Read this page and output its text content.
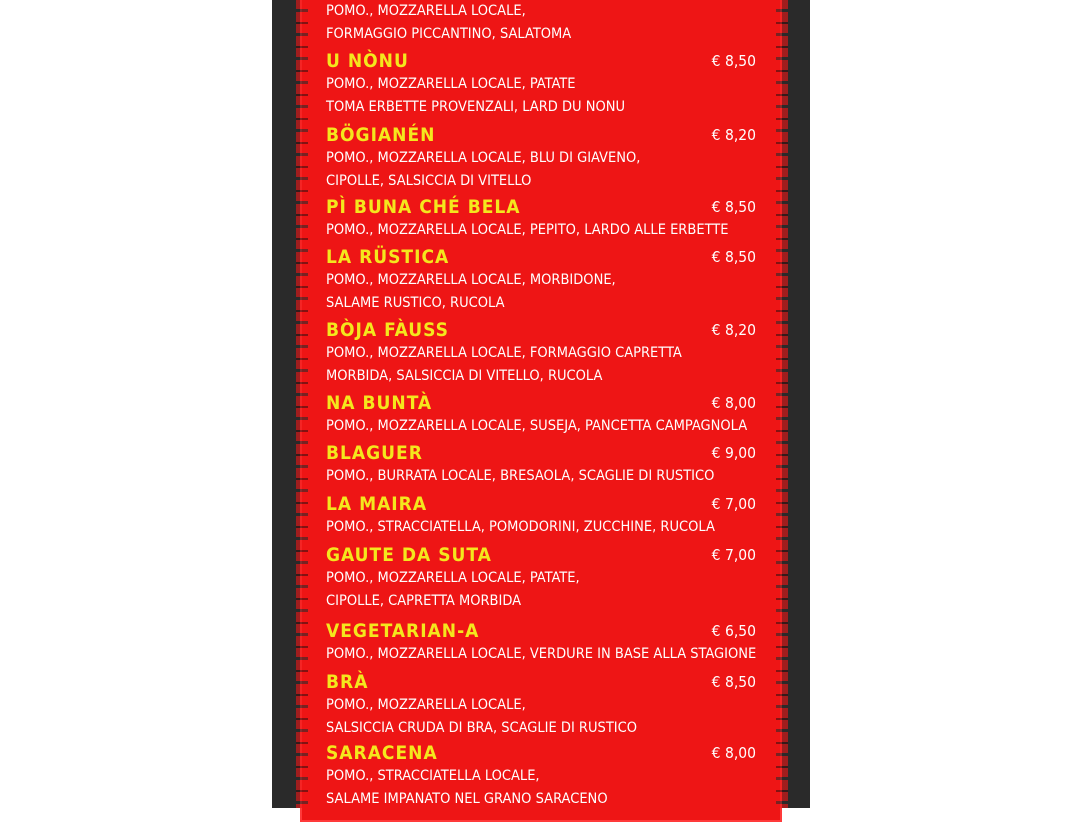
POMO., MOZZARELLA LOCALE,
FORMAGGIO PICCANTINO, SALATOMA
U NÒNU	€ 8,50
POMO., MOZZARELLA LOCALE, PATATE
TOMA ERBETTE PROVENZALI, LARD DU NONU
BÖGIANÉN	€ 8,20
POMO., MOZZARELLA LOCALE, BLU DI GIAVENO,
CIPOLLE, SALSICCIA DI VITELLO
PÌ BUNA CHÉ BELA	€ 8,50
POMO., MOZZARELLA LOCALE, PEPITO, LARDO ALLE ERBETTE
LA RÜSTICA	€ 8,50
POMO., MOZZARELLA LOCALE, MORBIDONE,
SALAME RUSTICO, RUCOLA
BÒJA FÀUSS	€ 8,20
POMO., MOZZARELLA LOCALE, FORMAGGIO CAPRETTA
MORBIDA, SALSICCIA DI VITELLO, RUCOLA
NA BUNTÀ	€ 8,00
POMO., MOZZARELLA LOCALE, SUSEJA, PANCETTA CAMPAGNOLA
BLAGUER	€ 9,00
POMO., BURRATA LOCALE, BRESAOLA, SCAGLIE DI RUSTICO
LA MAIRA	€ 7,00
POMO., STRACCIATELLA, POMODORINI, ZUCCHINE, RUCOLA
GAUTE DA SUTA	€ 7,00
POMO., MOZZARELLA LOCALE, PATATE,
CIPOLLE, CAPRETTA MORBIDA
VEGETARIAN-A	€ 6,50
POMO., MOZZARELLA LOCALE, VERDURE IN BASE ALLA STAGIONE
BRÀ	€ 8,50
POMO., MOZZARELLA LOCALE,
SALSICCIA CRUDA DI BRA, SCAGLIE DI RUSTICO
SARACENA	€ 8,00
POMO., STRACCIATELLA LOCALE,
SALAME IMPANATO NEL GRANO SARACENO
